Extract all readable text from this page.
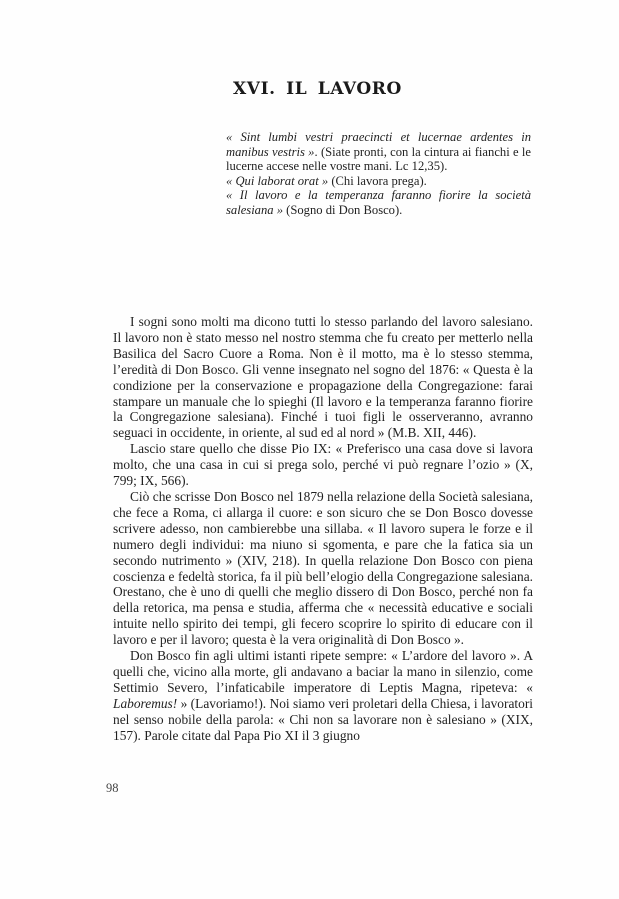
XVI. IL LAVORO

« Sint lumbi vestri praecincti et lucernae ardentes in manibus vestris ». (Siate pronti, con la cintura ai fianchi e le lucerne accese nelle vostre mani. Lc 12,35).

« Qui laborat orat » (Chi lavora prega).

« Il lavoro e la temperanza faranno fiorire la società salesiana » (Sogno di Don Bosco).

I sogni sono molti ma dicono tutti lo stesso parlando del lavoro salesiano. Il lavoro non è stato messo nel nostro stemma che fu creato per metterlo nella Basilica del Sacro Cuore a Roma. Non è il motto, ma è lo stesso stemma, l’eredità di Don Bosco. Gli venne insegnato nel sogno del 1876: « Questa è la condizione per la conservazione e propagazione della Congregazione: farai stampare un manuale che lo spieghi (Il lavoro e la temperanza faranno fiorire la Congregazione salesiana). Finché i tuoi figli le osserveranno, avranno seguaci in occidente, in oriente, al sud ed al nord » (M.B. XII, 446).

Lascio stare quello che disse Pio IX: « Preferisco una casa dove si lavora molto, che una casa in cui si prega solo, perché vi può regnare l’ozio » (X, 799; IX, 566).

Ciò che scrisse Don Bosco nel 1879 nella relazione della Società salesiana, che fece a Roma, ci allarga il cuore: e son sicuro che se Don Bosco dovesse scrivere adesso, non cambierebbe una sillaba. « Il lavoro supera le forze e il numero degli individui: ma niuno si sgomenta, e pare che la fatica sia un secondo nutrimento » (XIV, 218). In quella relazione Don Bosco con piena coscienza e fedeltà storica, fa il più bell’elogio della Congregazione salesiana. Orestano, che è uno di quelli che meglio dissero di Don Bosco, perché non fa della retorica, ma pensa e studia, afferma che « necessità educative e sociali intuite nello spirito dei tempi, gli fecero scoprire lo spirito di educare con il lavoro e per il lavoro; questa è la vera originalità di Don Bosco ».

Don Bosco fin agli ultimi istanti ripete sempre: « L’ardore del lavoro ». A quelli che, vicino alla morte, gli andavano a baciar la mano in silenzio, come Settimio Severo, l’infaticabile imperatore di Leptis Magna, ripeteva: « Laboremus! » (Lavoriamo!). Noi siamo veri proletari della Chiesa, i lavoratori nel senso nobile della parola: « Chi non sa lavorare non è salesiano » (XIX, 157). Parole citate dal Papa Pio XI il 3 giugno

98
